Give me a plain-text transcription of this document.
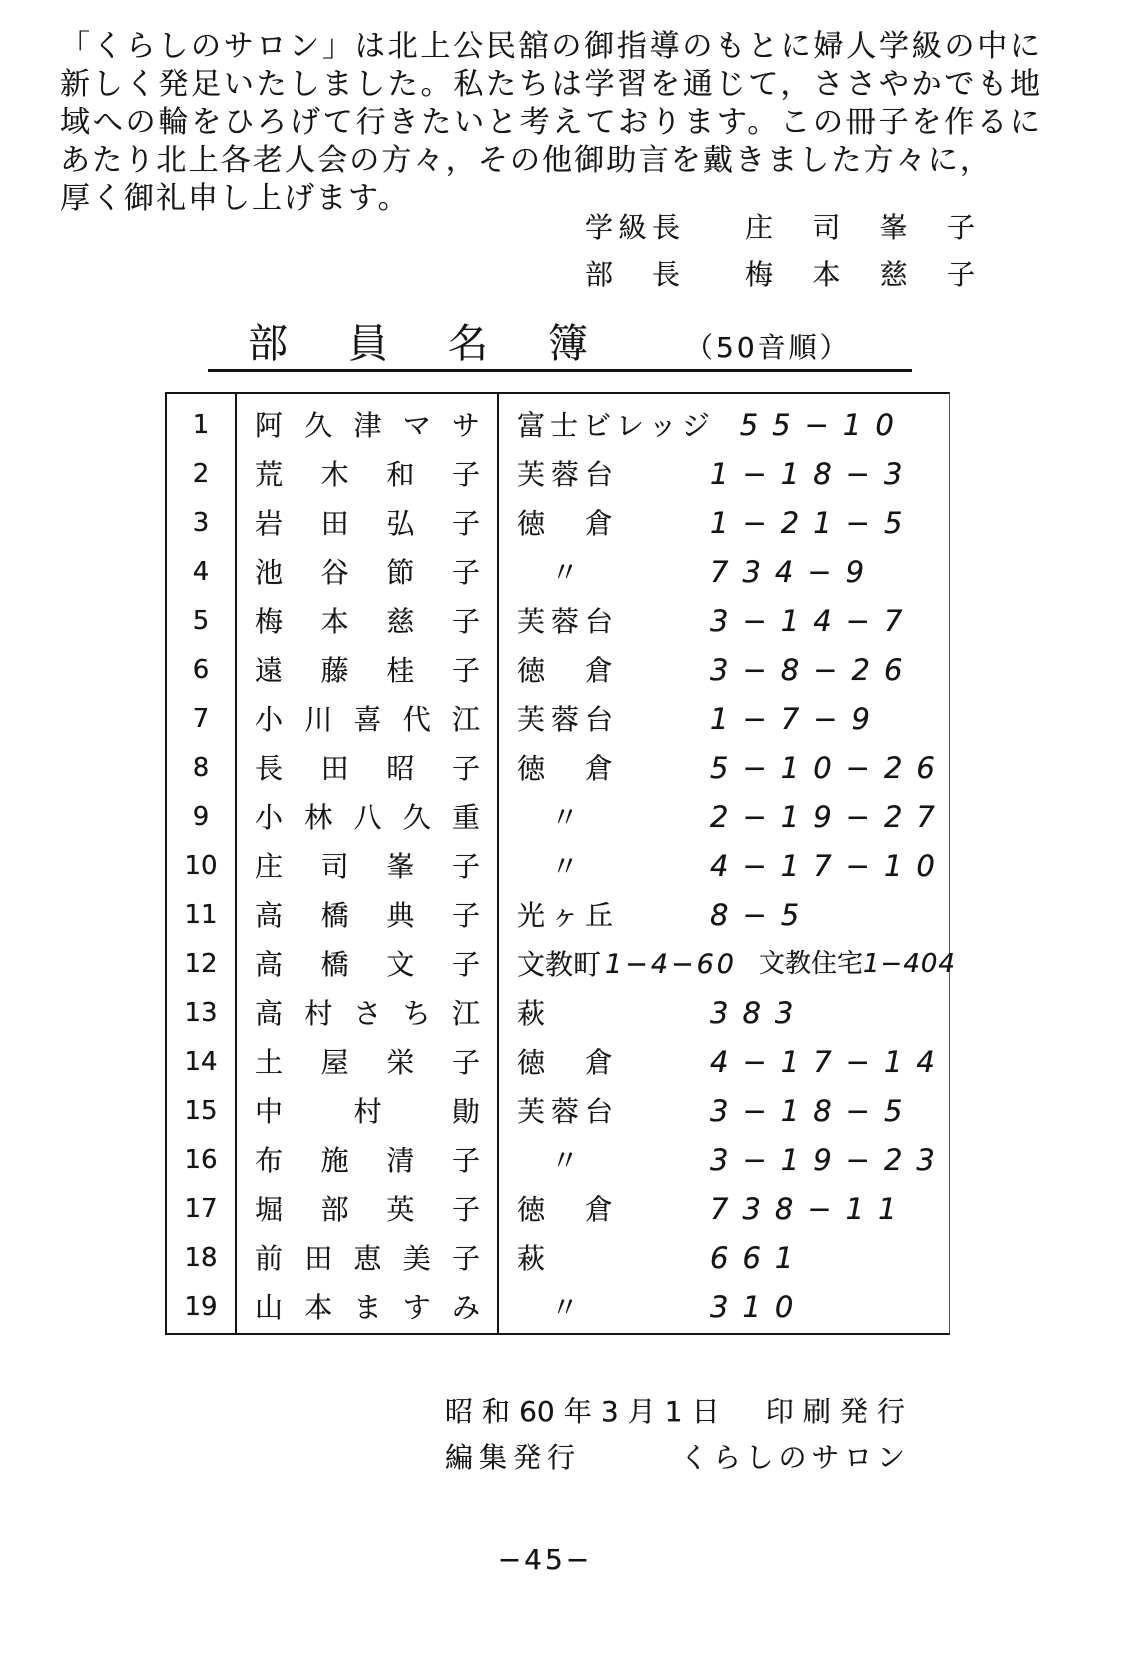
「くらしのサロン」は北上公民舘の御指導のもとに婦人学級の中に
新しく発足いたしました。私たちは学習を通じて，ささやかでも地
域への輪をひろげて行きたいと考えております。この冊子を作るに
あたり北上各老人会の方々，その他御助言を戴きました方々に，
厚く御礼申し上げます。
学級長 庄司峯子
部長 梅本慈子
部員名簿	（50音順）
1	阿久津マサ	富士ビレッジ 55−10
2	荒木和子	芙蓉台	1−18−3
3	岩田弘子	徳倉	1−21−5
4	池谷節子	〃	734−9
5	梅本慈子	芙蓉台	3−14−7
6	遠藤桂子	徳倉	3−8−26
7	小川喜代江	芙蓉台	1−7−9
8	長田昭子	徳倉	5−10−26
9	小林八久重	〃	2−19−27
10	庄司峯子	〃	4−17−10
11	高橋典子	光ヶ丘	8−5
12	高橋文子	文教町 1−4−60 文教住宅 1−404
13	高村さち江	萩	383
14	土屋栄子	徳倉	4−17−14
15	中村勛	芙蓉台	3−18−5
16	布施清子	〃	3−19−23
17	堀部英子	徳倉	738−11
18	前田恵美子	萩	661
19	山本ますみ	〃	310
昭和60年3月1日　印刷発行
編集発行	くらしのサロン
−45−
